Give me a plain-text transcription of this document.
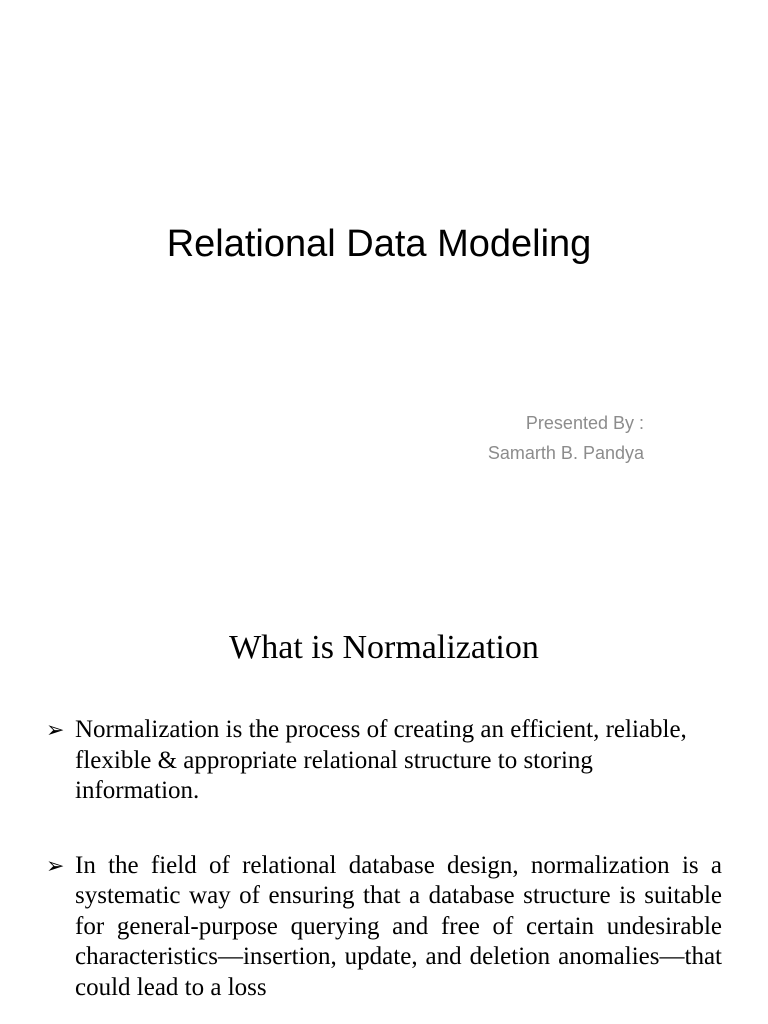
Relational Data Modeling
Presented By :
Samarth B. Pandya
What is Normalization
➢ Normalization is the process of creating an efficient, reliable, flexible & appropriate relational structure to storing information.
➢ In the field of relational database design, normalization is a systematic way of ensuring that a database structure is suitable for general-purpose querying and free of certain undesirable characteristics—insertion, update, and deletion anomalies—that could lead to a loss
